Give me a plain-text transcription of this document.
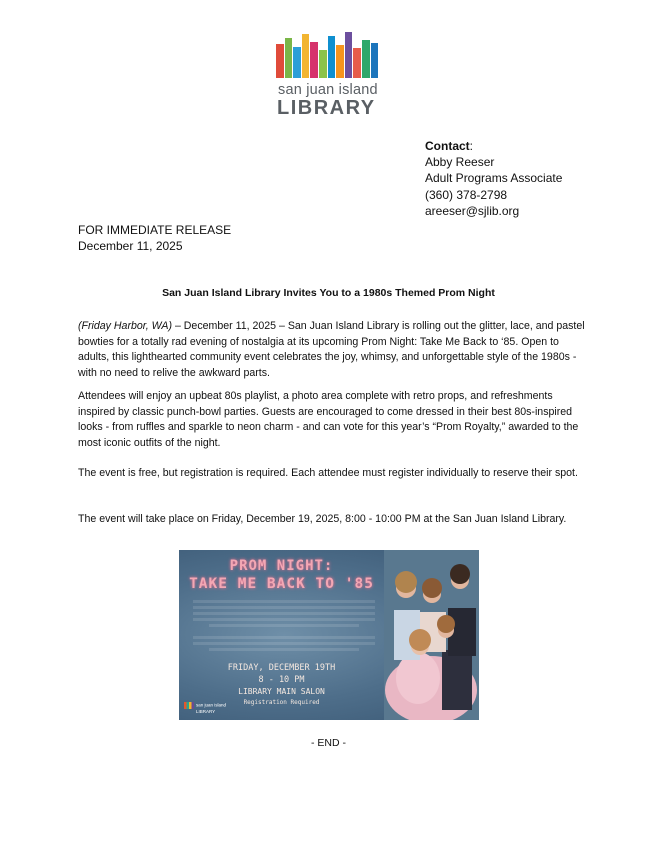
san juan island
LIBRARY
Contact:
Abby Reeser
Adult Programs Associate
(360) 378-2798
areeser@sjlib.org
FOR IMMEDIATE RELEASE
December 11, 2025
San Juan Island Library Invites You to a 1980s Themed Prom Night

(Friday Harbor, WA) – December 11, 2025 – San Juan Island Library is rolling out the glitter, lace, and pastel bowties for a totally rad evening of nostalgia at its upcoming Prom Night: Take Me Back to ‘85. Open to adults, this lighthearted community event celebrates the joy, whimsy, and unforgettable style of the 1980s - with no need to relive the awkward parts.

Attendees will enjoy an upbeat 80s playlist, a photo area complete with retro props, and refreshments inspired by classic punch-bowl parties. Guests are encouraged to come dressed in their best 80s-inspired looks - from ruffles and sparkle to neon charm - and can vote for this year’s “Prom Royalty,” awarded to the most iconic outfits of the night.

The event is free, but registration is required. Each attendee must register individually to reserve their spot.

The event will take place on Friday, December 19, 2025, 8:00 - 10:00 PM at the San Juan Island Library.

PROM NIGHT:
TAKE ME BACK TO '85
FRIDAY, DECEMBER 19TH
8 - 10 PM
LIBRARY MAIN SALON
Registration Required
san juan island
LIBRARY
- END -
